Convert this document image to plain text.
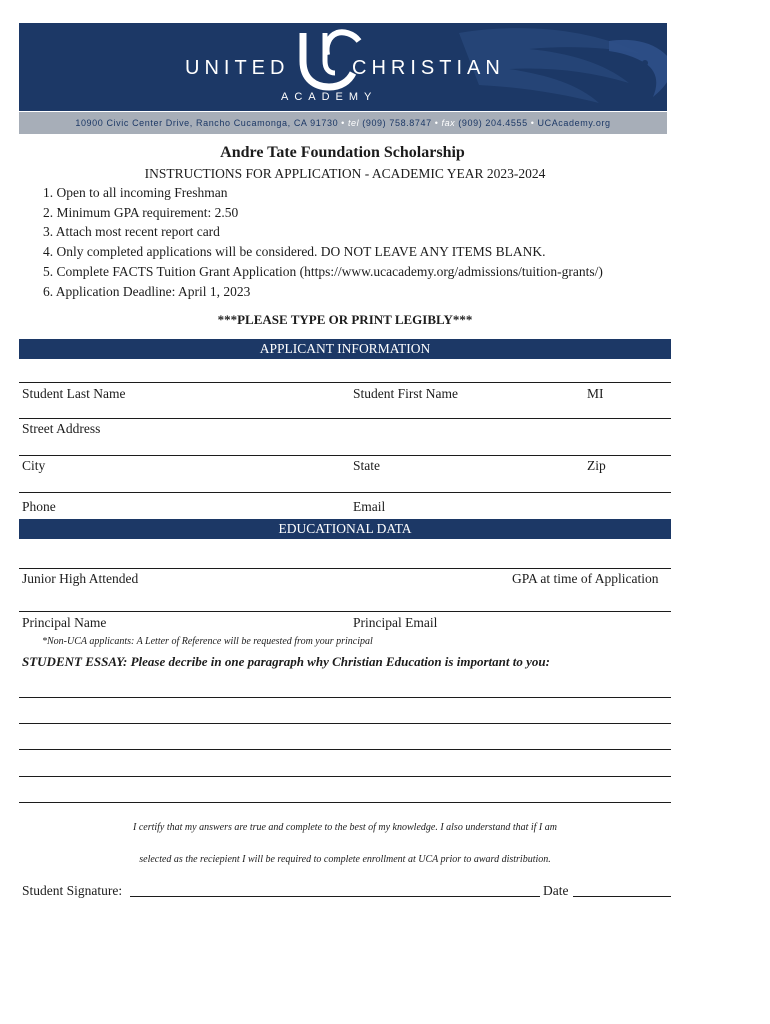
UNITED	CHRISTIAN
ACADEMY
10900 Civic Center Drive, Rancho Cucamonga, CA 91730 • tel (909) 758.8747 • fax (909) 204.4555 • UCAcademy.org
Andre Tate Foundation Scholarship
INSTRUCTIONS FOR APPLICATION - ACADEMIC YEAR 2023-2024
1. Open to all incoming Freshman
2. Minimum GPA requirement: 2.50
3. Attach most recent report card
4. Only completed applications will be considered. DO NOT LEAVE ANY ITEMS BLANK.
5. Complete FACTS Tuition Grant Application (https://www.ucacademy.org/admissions/tuition-grants/)
6. Application Deadline: April 1, 2023
***PLEASE TYPE OR PRINT LEGIBLY***
APPLICANT INFORMATION
Student Last Name	Student First Name	MI
Street Address
City	State	Zip
Phone	Email
EDUCATIONAL DATA
Junior High Attended	GPA at time of Application
Principal Name	Principal Email
*Non-UCA applicants: A Letter of Reference will be requested from your principal
STUDENT ESSAY: Please decribe in one paragraph why Christian Education is important to you:
I certify that my answers are true and complete to the best of my knowledge. I also understand that if I am
selected as the reciepient I will be required to complete enrollment at UCA prior to award distribution.
Student Signature:	Date
